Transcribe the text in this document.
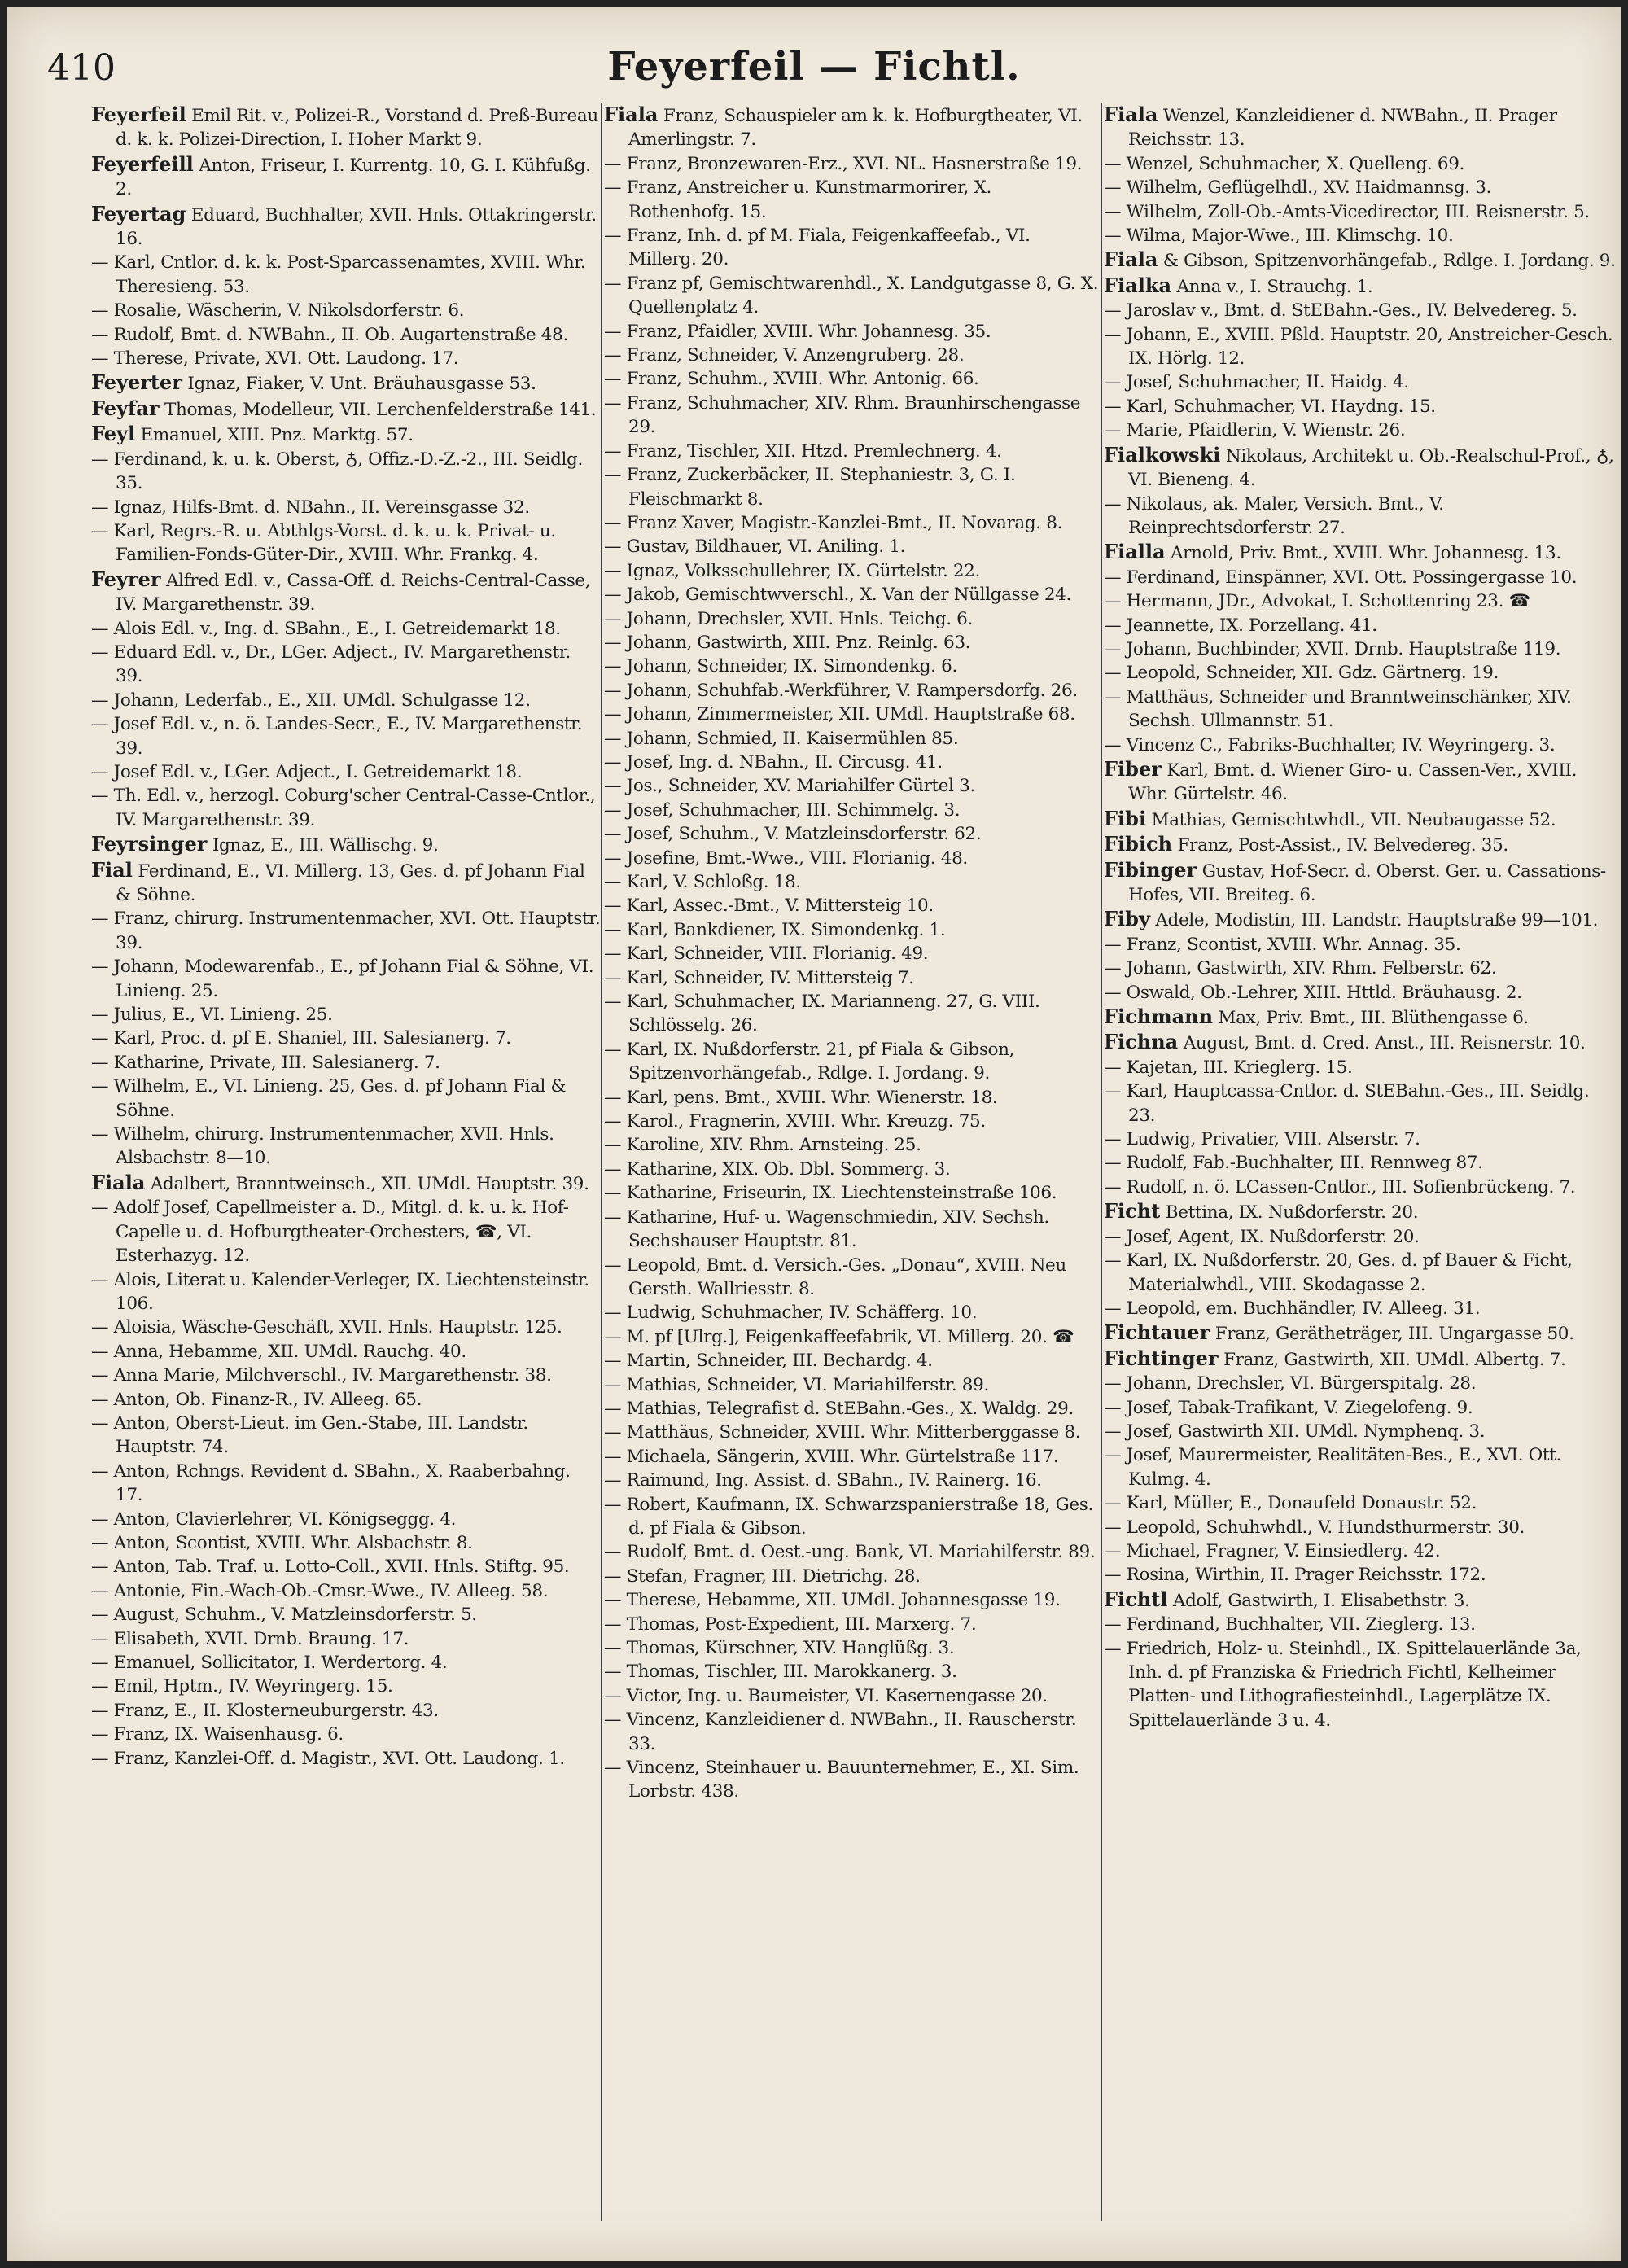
410	Feyerfeil — Fichtl.

Feyerfeil Emil Rit. v., Polizei-R., Vorstand d. Preß-Bureau d. k. k. Polizei-Direction, I. Hoher Markt 9.

Feyerfeill Anton, Friseur, I. Kurrentg. 10, G. I. Kühfußg. 2.

Feyertag Eduard, Buchhalter, XVII. Hnls. Ottakringerstr. 16.

— Karl, Cntlor. d. k. k. Post-Sparcassenamtes, XVIII. Whr. Theresieng. 53.

— Rosalie, Wäscherin, V. Nikolsdorferstr. 6.

— Rudolf, Bmt. d. NWBahn., II. Ob. Augartenstraße 48.

— Therese, Private, XVI. Ott. Laudong. 17.

Feyerter Ignaz, Fiaker, V. Unt. Bräuhausgasse 53.

Feyfar Thomas, Modelleur, VII. Lerchenfelderstraße 141.

Feyl Emanuel, XIII. Pnz. Marktg. 57.

— Ferdinand, k. u. k. Oberst, ♁, Offiz.-D.-Z.-2., III. Seidlg. 35.

— Ignaz, Hilfs-Bmt. d. NBahn., II. Vereinsgasse 32.

— Karl, Regrs.-R. u. Abthlgs-Vorst. d. k. u. k. Privat- u. Familien-Fonds-Güter-Dir., XVIII. Whr. Frankg. 4.

Feyrer Alfred Edl. v., Cassa-Off. d. Reichs-Central-Casse, IV. Margarethenstr. 39.

— Alois Edl. v., Ing. d. SBahn., E., I. Getreidemarkt 18.

— Eduard Edl. v., Dr., LGer. Adject., IV. Margarethenstr. 39.

— Johann, Lederfab., E., XII. UMdl. Schulgasse 12.

— Josef Edl. v., n. ö. Landes-Secr., E., IV. Margarethenstr. 39.

— Josef Edl. v., LGer. Adject., I. Getreidemarkt 18.

— Th. Edl. v., herzogl. Coburg'scher Central-Casse-Cntlor., IV. Margarethenstr. 39.

Feyrsinger Ignaz, E., III. Wällischg. 9.

Fial Ferdinand, E., VI. Millerg. 13, Ges. d. pf Johann Fial & Söhne.

— Franz, chirurg. Instrumentenmacher, XVI. Ott. Hauptstr. 39.

— Johann, Modewarenfab., E., pf Johann Fial & Söhne, VI. Linieng. 25.

— Julius, E., VI. Linieng. 25.

— Karl, Proc. d. pf E. Shaniel, III. Salesianerg. 7.

— Katharine, Private, III. Salesianerg. 7.

— Wilhelm, E., VI. Linieng. 25, Ges. d. pf Johann Fial & Söhne.

— Wilhelm, chirurg. Instrumentenmacher, XVII. Hnls. Alsbachstr. 8—10.

Fiala Adalbert, Branntweinsch., XII. UMdl. Hauptstr. 39.

— Adolf Josef, Capellmeister a. D., Mitgl. d. k. u. k. Hof-Capelle u. d. Hofburgtheater-Orchesters, ☎, VI. Esterhazyg. 12.

— Alois, Literat u. Kalender-Verleger, IX. Liechtensteinstr. 106.

— Aloisia, Wäsche-Geschäft, XVII. Hnls. Hauptstr. 125.

— Anna, Hebamme, XII. UMdl. Rauchg. 40.

— Anna Marie, Milchverschl., IV. Margarethenstr. 38.

— Anton, Ob. Finanz-R., IV. Alleeg. 65.

— Anton, Oberst-Lieut. im Gen.-Stabe, III. Landstr. Hauptstr. 74.

— Anton, Rchngs. Revident d. SBahn., X. Raaberbahng. 17.

— Anton, Clavierlehrer, VI. Königseggg. 4.

— Anton, Scontist, XVIII. Whr. Alsbachstr. 8.

— Anton, Tab. Traf. u. Lotto-Coll., XVII. Hnls. Stiftg. 95.

— Antonie, Fin.-Wach-Ob.-Cmsr.-Wwe., IV. Alleeg. 58.

— August, Schuhm., V. Matzleinsdorferstr. 5.

— Elisabeth, XVII. Drnb. Braung. 17.

— Emanuel, Sollicitator, I. Werdertorg. 4.

— Emil, Hptm., IV. Weyringerg. 15.

— Franz, E., II. Klosterneuburgerstr. 43.

— Franz, IX. Waisenhausg. 6.

— Franz, Kanzlei-Off. d. Magistr., XVI. Ott. Laudong. 1.

Fiala Franz, Schauspieler am k. k. Hofburgtheater, VI. Amerlingstr. 7.

— Franz, Bronzewaren-Erz., XVI. NL. Hasnerstraße 19.

— Franz, Anstreicher u. Kunstmarmorirer, X. Rothenhofg. 15.

— Franz, Inh. d. pf M. Fiala, Feigenkaffeefab., VI. Millerg. 20.

— Franz pf, Gemischtwarenhdl., X. Landgutgasse 8, G. X. Quellenplatz 4.

— Franz, Pfaidler, XVIII. Whr. Johannesg. 35.

— Franz, Schneider, V. Anzengruberg. 28.

— Franz, Schuhm., XVIII. Whr. Antonig. 66.

— Franz, Schuhmacher, XIV. Rhm. Braunhirschengasse 29.

— Franz, Tischler, XII. Htzd. Premlechnerg. 4.

— Franz, Zuckerbäcker, II. Stephaniestr. 3, G. I. Fleischmarkt 8.

— Franz Xaver, Magistr.-Kanzlei-Bmt., II. Novarag. 8.

— Gustav, Bildhauer, VI. Aniling. 1.

— Ignaz, Volksschullehrer, IX. Gürtelstr. 22.

— Jakob, Gemischtwverschl., X. Van der Nüllgasse 24.

— Johann, Drechsler, XVII. Hnls. Teichg. 6.

— Johann, Gastwirth, XIII. Pnz. Reinlg. 63.

— Johann, Schneider, IX. Simondenkg. 6.

— Johann, Schuhfab.-Werkführer, V. Rampersdorfg. 26.

— Johann, Zimmermeister, XII. UMdl. Hauptstraße 68.

— Johann, Schmied, II. Kaisermühlen 85.

— Josef, Ing. d. NBahn., II. Circusg. 41.

— Jos., Schneider, XV. Mariahilfer Gürtel 3.

— Josef, Schuhmacher, III. Schimmelg. 3.

— Josef, Schuhm., V. Matzleinsdorferstr. 62.

— Josefine, Bmt.-Wwe., VIII. Florianig. 48.

— Karl, V. Schloßg. 18.

— Karl, Assec.-Bmt., V. Mittersteig 10.

— Karl, Bankdiener, IX. Simondenkg. 1.

— Karl, Schneider, VIII. Florianig. 49.

— Karl, Schneider, IV. Mittersteig 7.

— Karl, Schuhmacher, IX. Marianneng. 27, G. VIII. Schlösselg. 26.

— Karl, IX. Nußdorferstr. 21, pf Fiala & Gibson, Spitzenvorhängefab., Rdlge. I. Jordang. 9.

— Karl, pens. Bmt., XVIII. Whr. Wienerstr. 18.

— Karol., Fragnerin, XVIII. Whr. Kreuzg. 75.

— Karoline, XIV. Rhm. Arnsteing. 25.

— Katharine, XIX. Ob. Dbl. Sommerg. 3.

— Katharine, Friseurin, IX. Liechtensteinstraße 106.

— Katharine, Huf- u. Wagenschmiedin, XIV. Sechsh. Sechshauser Hauptstr. 81.

— Leopold, Bmt. d. Versich.-Ges. „Donau“, XVIII. Neu Gersth. Wallriesstr. 8.

— Ludwig, Schuhmacher, IV. Schäfferg. 10.

— M. pf [Ulrg.], Feigenkaffeefabrik, VI. Millerg. 20. ☎

— Martin, Schneider, III. Bechardg. 4.

— Mathias, Schneider, VI. Mariahilferstr. 89.

— Mathias, Telegrafist d. StEBahn.-Ges., X. Waldg. 29.

— Matthäus, Schneider, XVIII. Whr. Mitterberggasse 8.

— Michaela, Sängerin, XVIII. Whr. Gürtelstraße 117.

— Raimund, Ing. Assist. d. SBahn., IV. Rainerg. 16.

— Robert, Kaufmann, IX. Schwarzspanierstraße 18, Ges. d. pf Fiala & Gibson.

— Rudolf, Bmt. d. Oest.-ung. Bank, VI. Mariahilferstr. 89.

— Stefan, Fragner, III. Dietrichg. 28.

— Therese, Hebamme, XII. UMdl. Johannesgasse 19.

— Thomas, Post-Expedient, III. Marxerg. 7.

— Thomas, Kürschner, XIV. Hanglüßg. 3.

— Thomas, Tischler, III. Marokkanerg. 3.

— Victor, Ing. u. Baumeister, VI. Kasernengasse 20.

— Vincenz, Kanzleidiener d. NWBahn., II. Rauscherstr. 33.

— Vincenz, Steinhauer u. Bauunternehmer, E., XI. Sim. Lorbstr. 438.

Fiala Wenzel, Kanzleidiener d. NWBahn., II. Prager Reichsstr. 13.

— Wenzel, Schuhmacher, X. Quelleng. 69.

— Wilhelm, Geflügelhdl., XV. Haidmannsg. 3.

— Wilhelm, Zoll-Ob.-Amts-Vicedirector, III. Reisnerstr. 5.

— Wilma, Major-Wwe., III. Klimschg. 10.

Fiala & Gibson, Spitzenvorhängefab., Rdlge. I. Jordang. 9.

Fialka Anna v., I. Strauchg. 1.

— Jaroslav v., Bmt. d. StEBahn.-Ges., IV. Belvedereg. 5.

— Johann, E., XVIII. Pßld. Hauptstr. 20, Anstreicher-Gesch. IX. Hörlg. 12.

— Josef, Schuhmacher, II. Haidg. 4.

— Karl, Schuhmacher, VI. Haydng. 15.

— Marie, Pfaidlerin, V. Wienstr. 26.

Fialkowski Nikolaus, Architekt u. Ob.-Realschul-Prof., ♁, VI. Bieneng. 4.

— Nikolaus, ak. Maler, Versich. Bmt., V. Reinprechtsdorferstr. 27.

Fialla Arnold, Priv. Bmt., XVIII. Whr. Johannesg. 13.

— Ferdinand, Einspänner, XVI. Ott. Possingergasse 10.

— Hermann, JDr., Advokat, I. Schottenring 23. ☎

— Jeannette, IX. Porzellang. 41.

— Johann, Buchbinder, XVII. Drnb. Hauptstraße 119.

— Leopold, Schneider, XII. Gdz. Gärtnerg. 19.

— Matthäus, Schneider und Branntweinschänker, XIV. Sechsh. Ullmannstr. 51.

— Vincenz C., Fabriks-Buchhalter, IV. Weyringerg. 3.

Fiber Karl, Bmt. d. Wiener Giro- u. Cassen-Ver., XVIII. Whr. Gürtelstr. 46.

Fibi Mathias, Gemischtwhdl., VII. Neubaugasse 52.

Fibich Franz, Post-Assist., IV. Belvedereg. 35.

Fibinger Gustav, Hof-Secr. d. Oberst. Ger. u. Cassations-Hofes, VII. Breiteg. 6.

Fiby Adele, Modistin, III. Landstr. Hauptstraße 99—101.

— Franz, Scontist, XVIII. Whr. Annag. 35.

— Johann, Gastwirth, XIV. Rhm. Felberstr. 62.

— Oswald, Ob.-Lehrer, XIII. Httld. Bräuhausg. 2.

Fichmann Max, Priv. Bmt., III. Blüthengasse 6.

Fichna August, Bmt. d. Cred. Anst., III. Reisnerstr. 10.

— Kajetan, III. Krieglerg. 15.

— Karl, Hauptcassa-Cntlor. d. StEBahn.-Ges., III. Seidlg. 23.

— Ludwig, Privatier, VIII. Alserstr. 7.

— Rudolf, Fab.-Buchhalter, III. Rennweg 87.

— Rudolf, n. ö. LCassen-Cntlor., III. Sofienbrückeng. 7.

Ficht Bettina, IX. Nußdorferstr. 20.

— Josef, Agent, IX. Nußdorferstr. 20.

— Karl, IX. Nußdorferstr. 20, Ges. d. pf Bauer & Ficht, Materialwhdl., VIII. Skodagasse 2.

— Leopold, em. Buchhändler, IV. Alleeg. 31.

Fichtauer Franz, Gerätheträger, III. Ungargasse 50.

Fichtinger Franz, Gastwirth, XII. UMdl. Albertg. 7.

— Johann, Drechsler, VI. Bürgerspitalg. 28.

— Josef, Tabak-Trafikant, V. Ziegelofeng. 9.

— Josef, Gastwirth XII. UMdl. Nymphenq. 3.

— Josef, Maurermeister, Realitäten-Bes., E., XVI. Ott. Kulmg. 4.

— Karl, Müller, E., Donaufeld Donaustr. 52.

— Leopold, Schuhwhdl., V. Hundsthurmerstr. 30.

— Michael, Fragner, V. Einsiedlerg. 42.

— Rosina, Wirthin, II. Prager Reichsstr. 172.

Fichtl Adolf, Gastwirth, I. Elisabethstr. 3.

— Ferdinand, Buchhalter, VII. Zieglerg. 13.

— Friedrich, Holz- u. Steinhdl., IX. Spittelauerlände 3a, Inh. d. pf Franziska & Friedrich Fichtl, Kelheimer Platten- und Lithografiesteinhdl., Lagerplätze IX. Spittelauerlände 3 u. 4.
